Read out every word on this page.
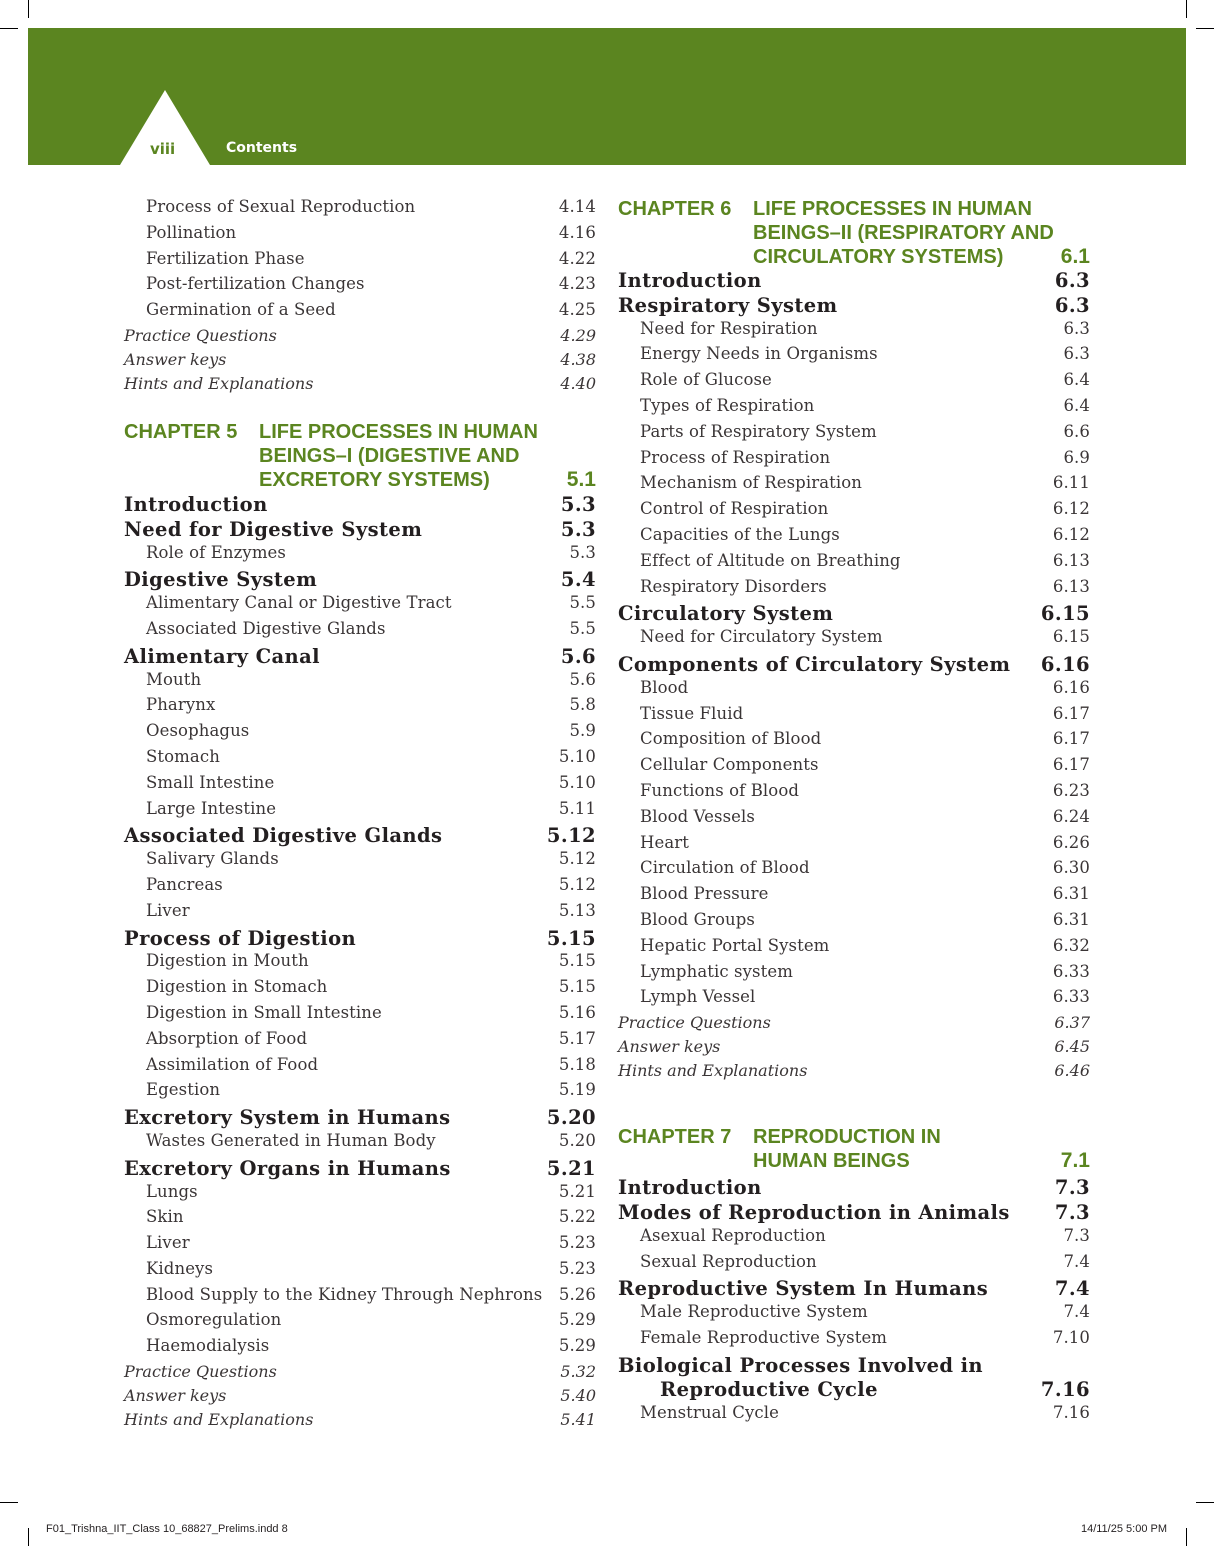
viii	Contents
Process of Sexual Reproduction	4.14
Pollination	4.16
Fertilization Phase	4.22
Post-fertilization Changes	4.23
Germination of a Seed	4.25
Practice Questions	4.29
Answer keys	4.38
Hints and Explanations	4.40
CHAPTER 5	LIFE PROCESSES IN HUMAN
BEINGS–I (DIGESTIVE AND
EXCRETORY SYSTEMS)	5.1
Introduction	5.3
Need for Digestive System	5.3
Role of Enzymes	5.3
Digestive System	5.4
Alimentary Canal or Digestive Tract	5.5
Associated Digestive Glands	5.5
Alimentary Canal	5.6
Mouth	5.6
Pharynx	5.8
Oesophagus	5.9
Stomach	5.10
Small Intestine	5.10
Large Intestine	5.11
Associated Digestive Glands	5.12
Salivary Glands	5.12
Pancreas	5.12
Liver	5.13
Process of Digestion	5.15
Digestion in Mouth	5.15
Digestion in Stomach	5.15
Digestion in Small Intestine	5.16
Absorption of Food	5.17
Assimilation of Food	5.18
Egestion	5.19
Excretory System in Humans	5.20
Wastes Generated in Human Body	5.20
Excretory Organs in Humans	5.21
Lungs	5.21
Skin	5.22
Liver	5.23
Kidneys	5.23
Blood Supply to the Kidney Through Nephrons 5.26
Osmoregulation	5.29
Haemodialysis	5.29
Practice Questions	5.32
Answer keys	5.40
Hints and Explanations	5.41
CHAPTER 6	LIFE PROCESSES IN HUMAN
BEINGS–II (RESPIRATORY AND
CIRCULATORY SYSTEMS)	6.1
Introduction	6.3
Respiratory System	6.3
Need for Respiration	6.3
Energy Needs in Organisms	6.3
Role of Glucose	6.4
Types of Respiration	6.4
Parts of Respiratory System	6.6
Process of Respiration	6.9
Mechanism of Respiration	6.11
Control of Respiration	6.12
Capacities of the Lungs	6.12
Effect of Altitude on Breathing	6.13
Respiratory Disorders	6.13
Circulatory System	6.15
Need for Circulatory System	6.15
Components of Circulatory System 6.16
Blood	6.16
Tissue Fluid	6.17
Composition of Blood	6.17
Cellular Components	6.17
Functions of Blood	6.23
Blood Vessels	6.24
Heart	6.26
Circulation of Blood	6.30
Blood Pressure	6.31
Blood Groups	6.31
Hepatic Portal System	6.32
Lymphatic system	6.33
Lymph Vessel	6.33
Practice Questions	6.37
Answer keys	6.45
Hints and Explanations	6.46
CHAPTER 7	REPRODUCTION IN
HUMAN BEINGS	7.1
Introduction	7.3
Modes of Reproduction in Animals 7.3
Asexual Reproduction	7.3
Sexual Reproduction	7.4
Reproductive System In Humans	7.4
Male Reproductive System	7.4
Female Reproductive System	7.10
Biological Processes Involved in
Reproductive Cycle	7.16
Menstrual Cycle	7.16
F01_Trishna_IIT_Class 10_68827_Prelims.indd 8	14/11/25 5:00 PM
